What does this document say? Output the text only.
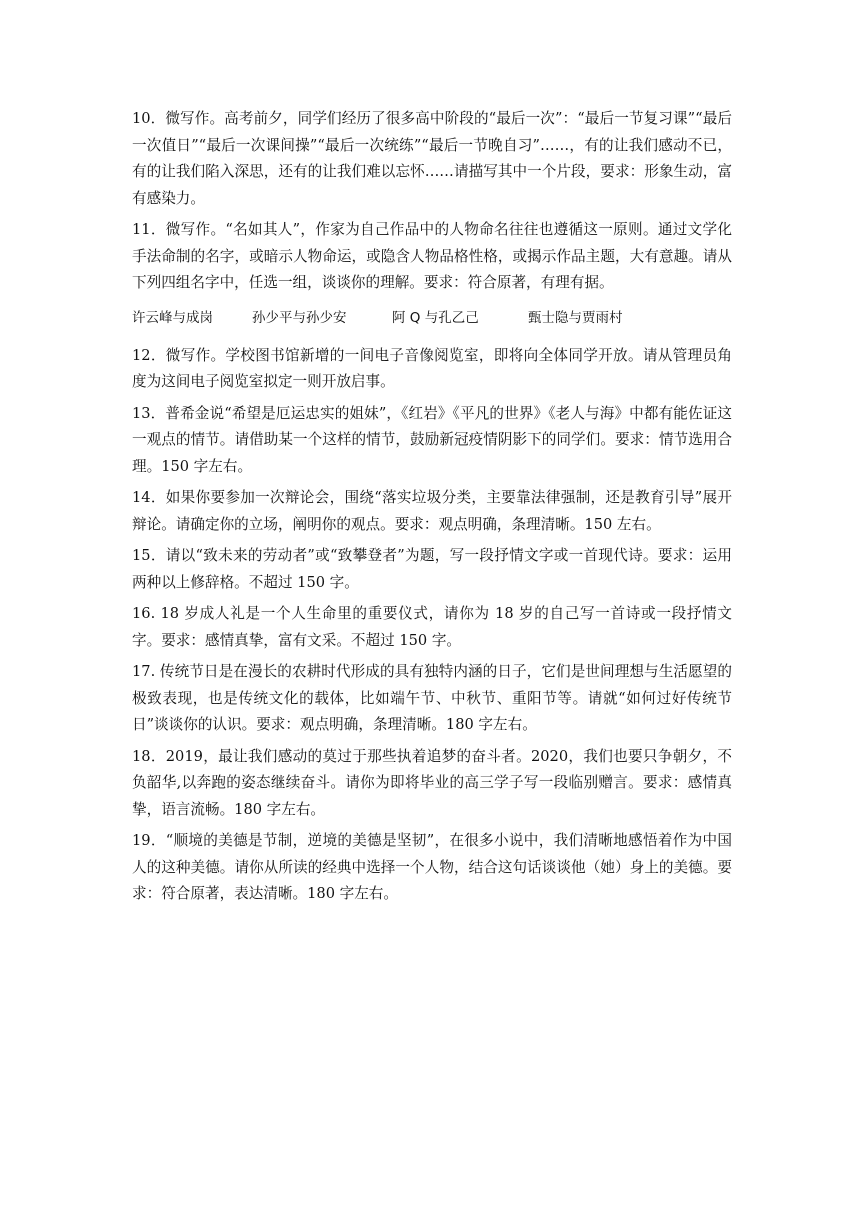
10．微写作。高考前夕，同学们经历了很多高中阶段的“最后一次”：“最后一节复习课”“最后一次值日”“最后一次课间操”“最后一次统练”“最后一节晚自习”……，有的让我们感动不已，有的让我们陷入深思，还有的让我们难以忘怀……请描写其中一个片段，要求：形象生动，富有感染力。

11．微写作。“名如其人”，作家为自己作品中的人物命名往往也遵循这一原则。通过文学化手法命制的名字，或暗示人物命运，或隐含人物品格性格，或揭示作品主题，大有意趣。请从下列四组名字中，任选一组，谈谈你的理解。要求：符合原著，有理有据。

许云峰与成岗	孙少平与孙少安	阿 Q 与孔乙己	甄士隐与贾雨村

12．微写作。学校图书馆新增的一间电子音像阅览室，即将向全体同学开放。请从管理员角度为这间电子阅览室拟定一则开放启事。

13．普希金说“希望是厄运忠实的姐妹”，《红岩》《平凡的世界》《老人与海》中都有能佐证这一观点的情节。请借助某一个这样的情节，鼓励新冠疫情阴影下的同学们。要求：情节选用合理。150 字左右。

14．如果你要参加一次辩论会，围绕“落实垃圾分类，主要靠法律强制，还是教育引导”展开辩论。请确定你的立场，阐明你的观点。要求：观点明确，条理清晰。150 左右。

15．请以“致未来的劳动者”或“致攀登者”为题，写一段抒情文字或一首现代诗。要求：运用两种以上修辞格。不超过 150 字。

16. 18 岁成人礼是一个人生命里的重要仪式，请你为 18 岁的自己写一首诗或一段抒情文字。要求：感情真挚，富有文采。不超过 150 字。

17. 传统节日是在漫长的农耕时代形成的具有独特内涵的日子，它们是世间理想与生活愿望的极致表现，也是传统文化的载体，比如端午节、中秋节、重阳节等。请就“如何过好传统节日”谈谈你的认识。要求：观点明确，条理清晰。180 字左右。

18．2019，最让我们感动的莫过于那些执着追梦的奋斗者。2020，我们也要只争朝夕，不负韶华,以奔跑的姿态继续奋斗。请你为即将毕业的高三学子写一段临别赠言。要求：感情真挚，语言流畅。180 字左右。

19．“顺境的美德是节制，逆境的美德是坚韧”，在很多小说中，我们清晰地感悟着作为中国人的这种美德。请你从所读的经典中选择一个人物，结合这句话谈谈他（她）身上的美德。要求：符合原著，表达清晰。180 字左右。
